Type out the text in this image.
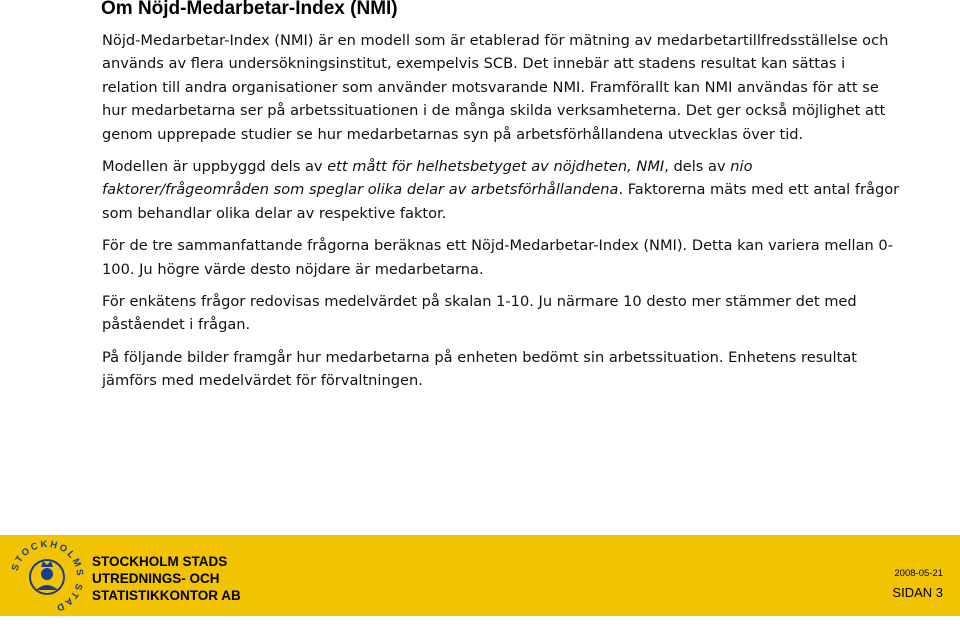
Om Nöjd-Medarbetar-Index (NMI)

Nöjd-Medarbetar-Index (NMI) är en modell som är etablerad för mätning av medarbetartillfredsställelse och används av flera undersökningsinstitut, exempelvis SCB. Det innebär att stadens resultat kan sättas i relation till andra organisationer som använder motsvarande NMI. Framförallt kan NMI användas för att se hur medarbetarna ser på arbetssituationen i de många skilda verksamheterna. Det ger också möjlighet att genom upprepade studier se hur medarbetarnas syn på arbetsförhållandena utvecklas över tid.

Modellen är uppbyggd dels av ett mått för helhetsbetyget av nöjdheten, NMI, dels av nio faktorer/frågeområden som speglar olika delar av arbetsförhållandena. Faktorerna mäts med ett antal frågor som behandlar olika delar av respektive faktor.

För de tre sammanfattande frågorna beräknas ett Nöjd-Medarbetar-Index (NMI). Detta kan variera mellan 0-100. Ju högre värde desto nöjdare är medarbetarna.

För enkätens frågor redovisas medelvärdet på skalan 1-10. Ju närmare 10 desto mer stämmer det med påståendet i frågan.

På följande bilder framgår hur medarbetarna på enheten bedömt sin arbetssituation. Enhetens resultat jämförs med medelvärdet för förvaltningen.

STOCKHOLMS STAD
STOCKHOLM STADS
UTREDNINGS- OCH
STATISTIKKONTOR AB
2008-05-21
SIDAN 3
